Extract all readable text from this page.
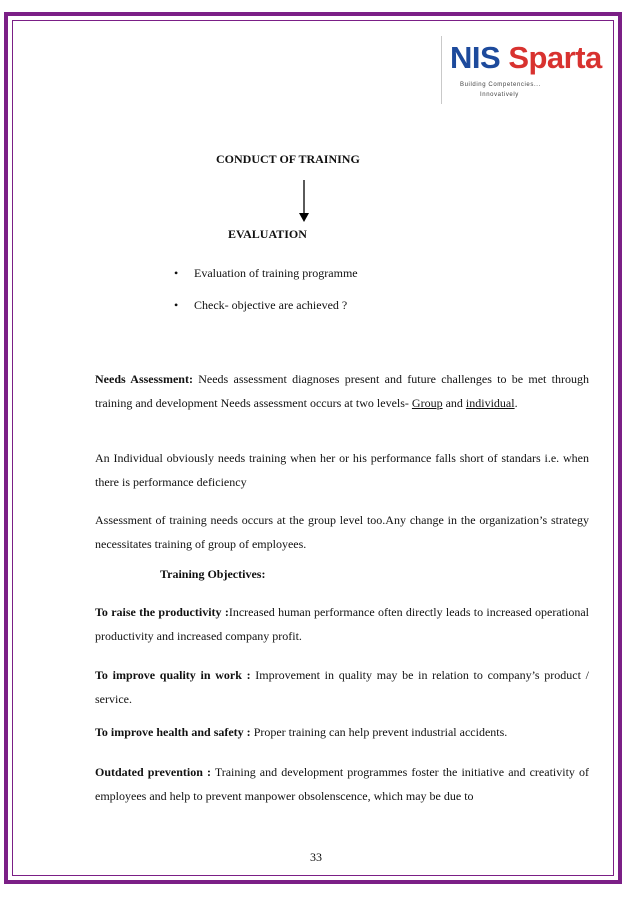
NIS Sparta
Building Competencies...
Innovatively
CONDUCT OF TRAINING
EVALUATION
• Evaluation of training programme
• Check- objective are achieved ?

Needs Assessment: Needs assessment diagnoses present and future challenges to be met through training and development Needs assessment occurs at two levels- Group and individual.

An Individual obviously needs training when her or his performance falls short of standars i.e. when there is performance deficiency

Assessment of training needs occurs at the group level too.Any change in the organization’s strategy necessitates training of group of employees.

Training Objectives:

To raise the productivity :Increased human performance often directly leads to increased operational productivity and increased company profit.

To improve quality in work : Improvement in quality may be in relation to company’s product / service.

To improve health and safety : Proper training can help prevent industrial accidents.

Outdated prevention : Training and development programmes foster the initiative and creativity of employees and help to prevent manpower obsolenscence, which may be due to

33
